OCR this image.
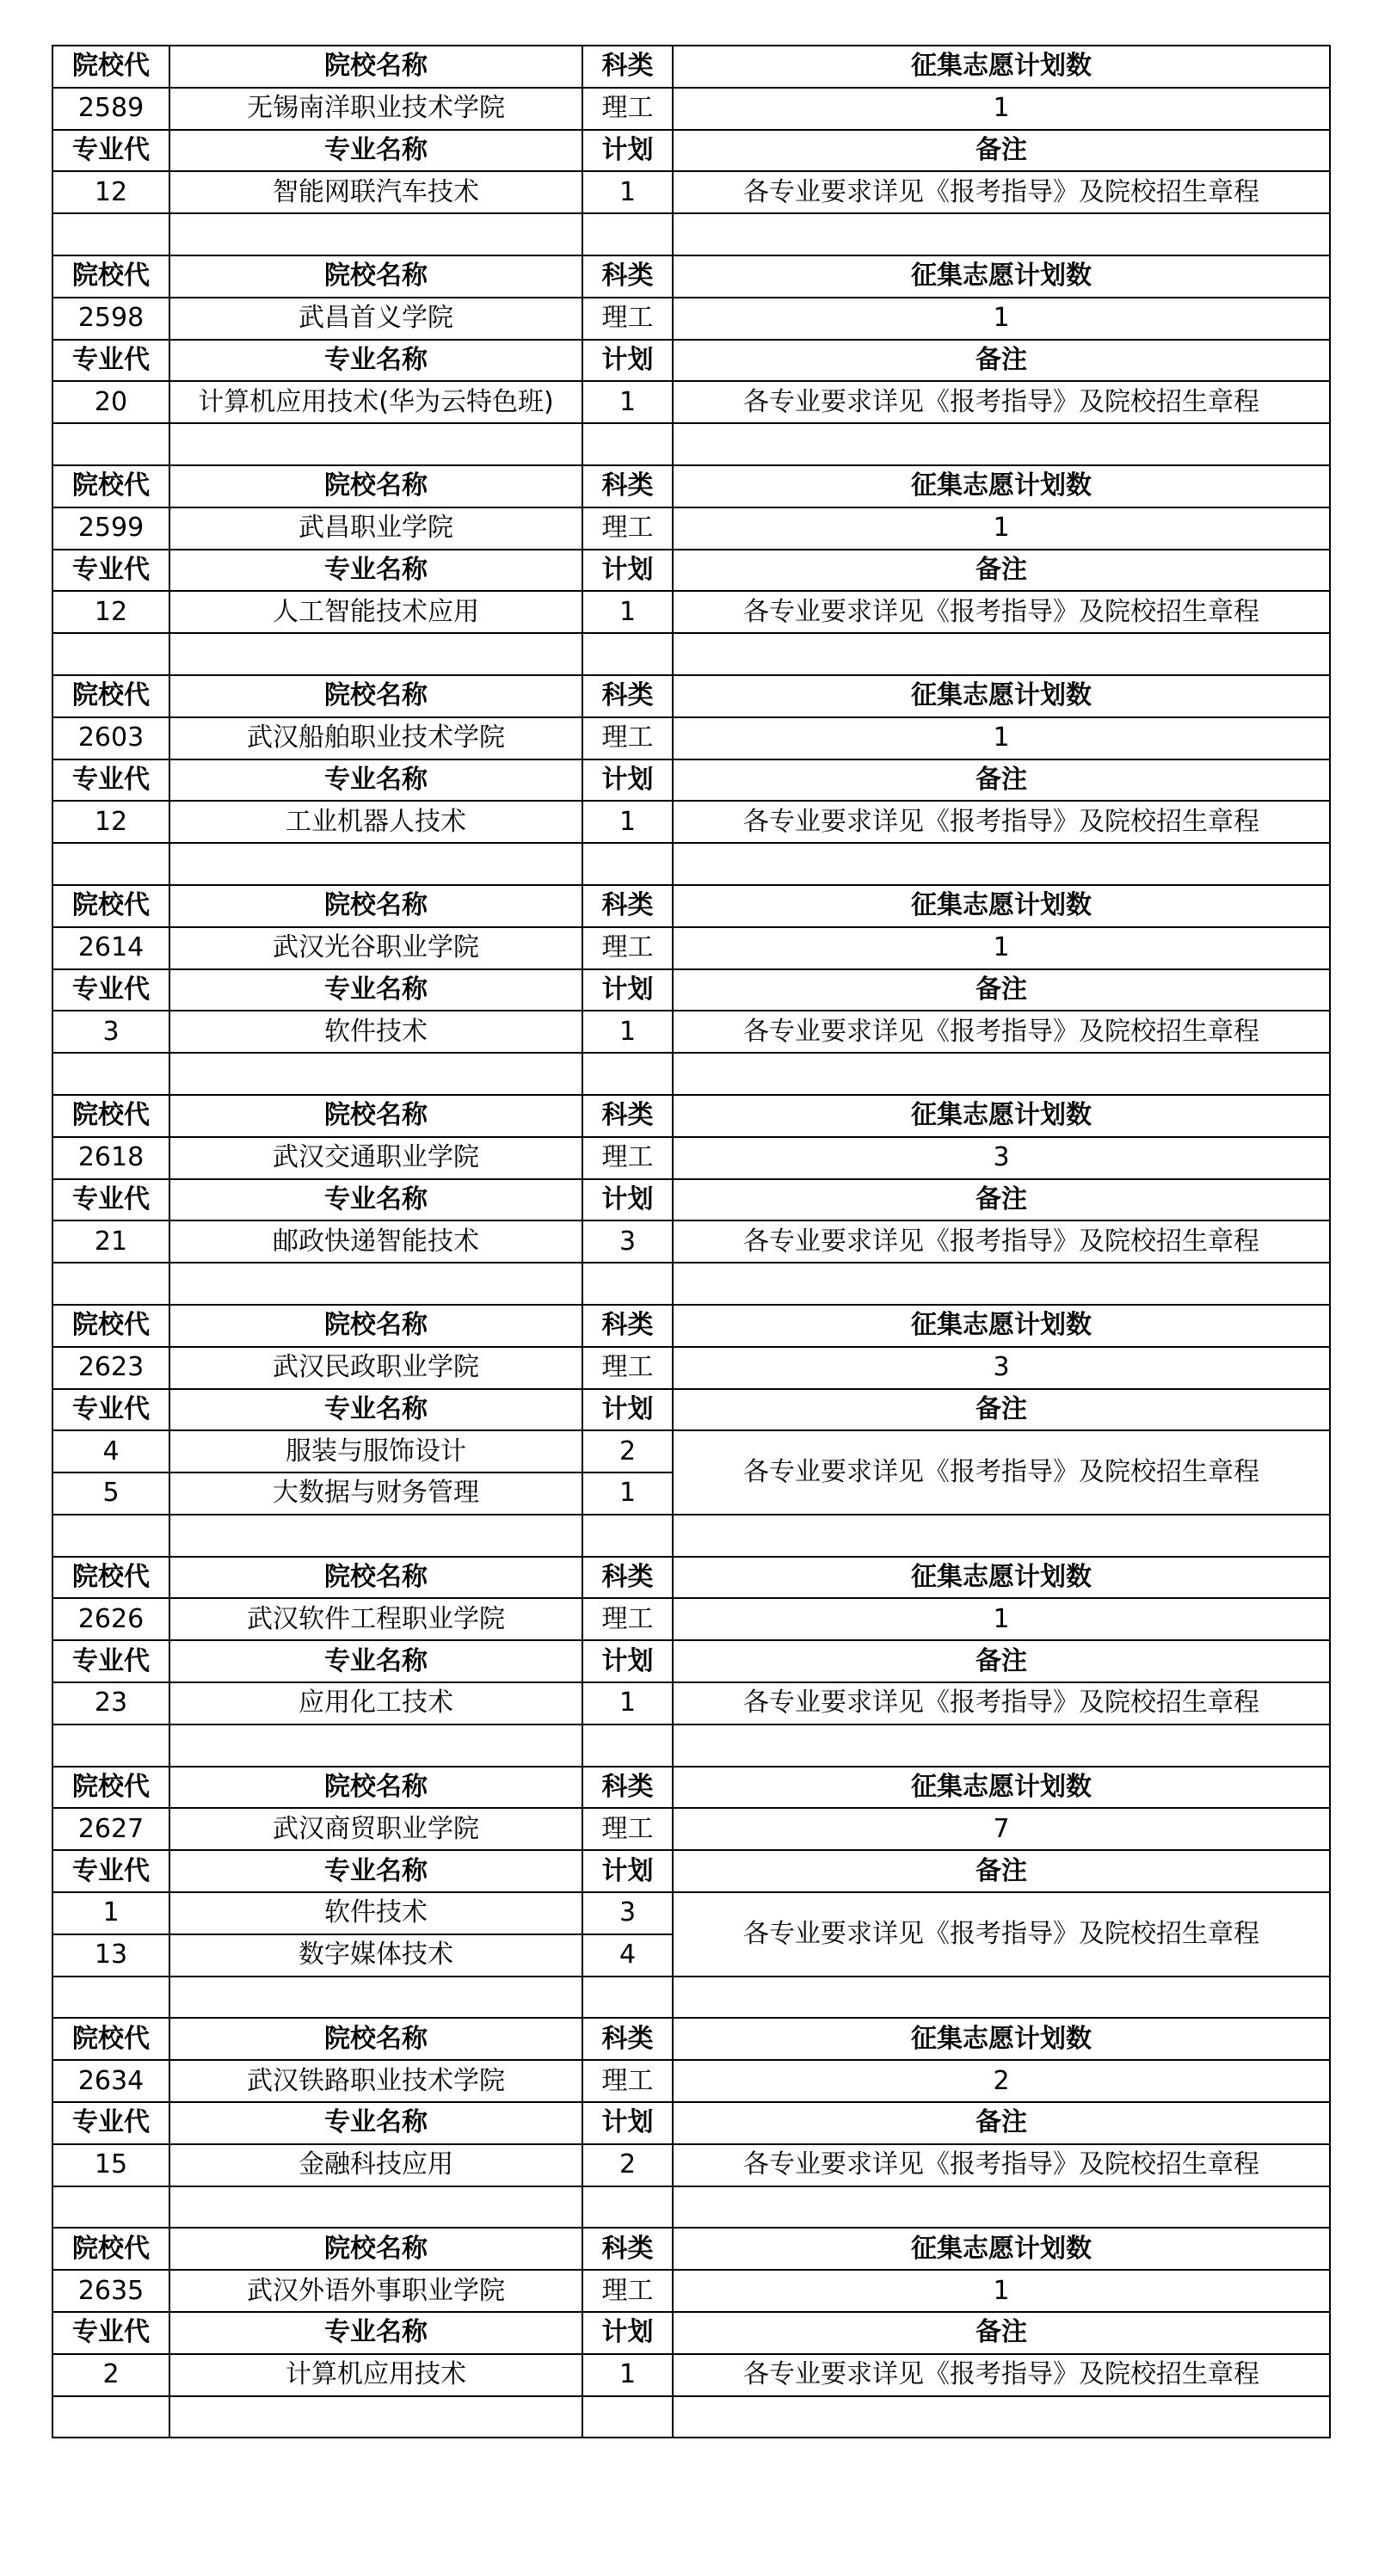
院校代	院校名称	科类	征集志愿计划数
2589	无锡南洋职业技术学院	理工	1
专业代	专业名称	计划	备注
12	智能网联汽车技术	1	各专业要求详见《报考指导》及院校招生章程

院校代	院校名称	科类	征集志愿计划数
2598	武昌首义学院	理工	1
专业代	专业名称	计划	备注
20	计算机应用技术(华为云特色班)	1	各专业要求详见《报考指导》及院校招生章程

院校代	院校名称	科类	征集志愿计划数
2599	武昌职业学院	理工	1
专业代	专业名称	计划	备注
12	人工智能技术应用	1	各专业要求详见《报考指导》及院校招生章程

院校代	院校名称	科类	征集志愿计划数
2603	武汉船舶职业技术学院	理工	1
专业代	专业名称	计划	备注
12	工业机器人技术	1	各专业要求详见《报考指导》及院校招生章程

院校代	院校名称	科类	征集志愿计划数
2614	武汉光谷职业学院	理工	1
专业代	专业名称	计划	备注
3	软件技术	1	各专业要求详见《报考指导》及院校招生章程

院校代	院校名称	科类	征集志愿计划数
2618	武汉交通职业学院	理工	3
专业代	专业名称	计划	备注
21	邮政快递智能技术	3	各专业要求详见《报考指导》及院校招生章程

院校代	院校名称	科类	征集志愿计划数
2623	武汉民政职业学院	理工	3
专业代	专业名称	计划	备注
4	服装与服饰设计	2	各专业要求详见《报考指导》及院校招生章程
5	大数据与财务管理	1	

院校代	院校名称	科类	征集志愿计划数
2626	武汉软件工程职业学院	理工	1
专业代	专业名称	计划	备注
23	应用化工技术	1	各专业要求详见《报考指导》及院校招生章程

院校代	院校名称	科类	征集志愿计划数
2627	武汉商贸职业学院	理工	7
专业代	专业名称	计划	备注
1	软件技术	3	各专业要求详见《报考指导》及院校招生章程
13	数字媒体技术	4	

院校代	院校名称	科类	征集志愿计划数
2634	武汉铁路职业技术学院	理工	2
专业代	专业名称	计划	备注
15	金融科技应用	2	各专业要求详见《报考指导》及院校招生章程

院校代	院校名称	科类	征集志愿计划数
2635	武汉外语外事职业学院	理工	1
专业代	专业名称	计划	备注
2	计算机应用技术	1	各专业要求详见《报考指导》及院校招生章程
